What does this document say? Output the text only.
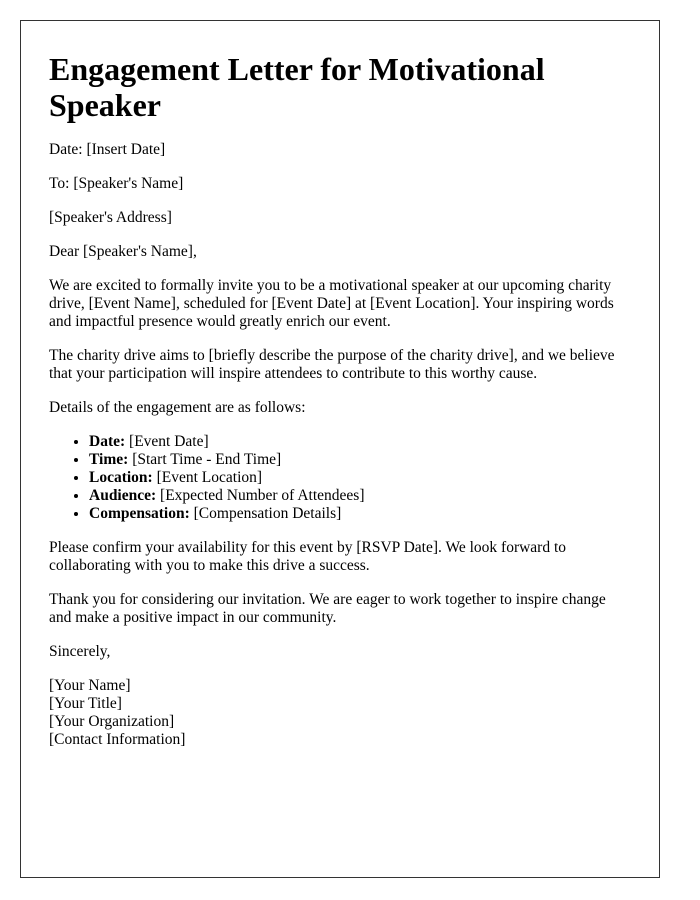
Engagement Letter for Motivational Speaker

Date: [Insert Date]

To: [Speaker's Name]

[Speaker's Address]

Dear [Speaker's Name],

We are excited to formally invite you to be a motivational speaker at our upcoming charity drive, [Event Name], scheduled for [Event Date] at [Event Location]. Your inspiring words and impactful presence would greatly enrich our event.

The charity drive aims to [briefly describe the purpose of the charity drive], and we believe that your participation will inspire attendees to contribute to this worthy cause.

Details of the engagement are as follows:

• Date: [Event Date]
• Time: [Start Time - End Time]
• Location: [Event Location]
• Audience: [Expected Number of Attendees]
• Compensation: [Compensation Details]

Please confirm your availability for this event by [RSVP Date]. We look forward to collaborating with you to make this drive a success.

Thank you for considering our invitation. We are eager to work together to inspire change and make a positive impact in our community.

Sincerely,

[Your Name]
[Your Title]
[Your Organization]
[Contact Information]
